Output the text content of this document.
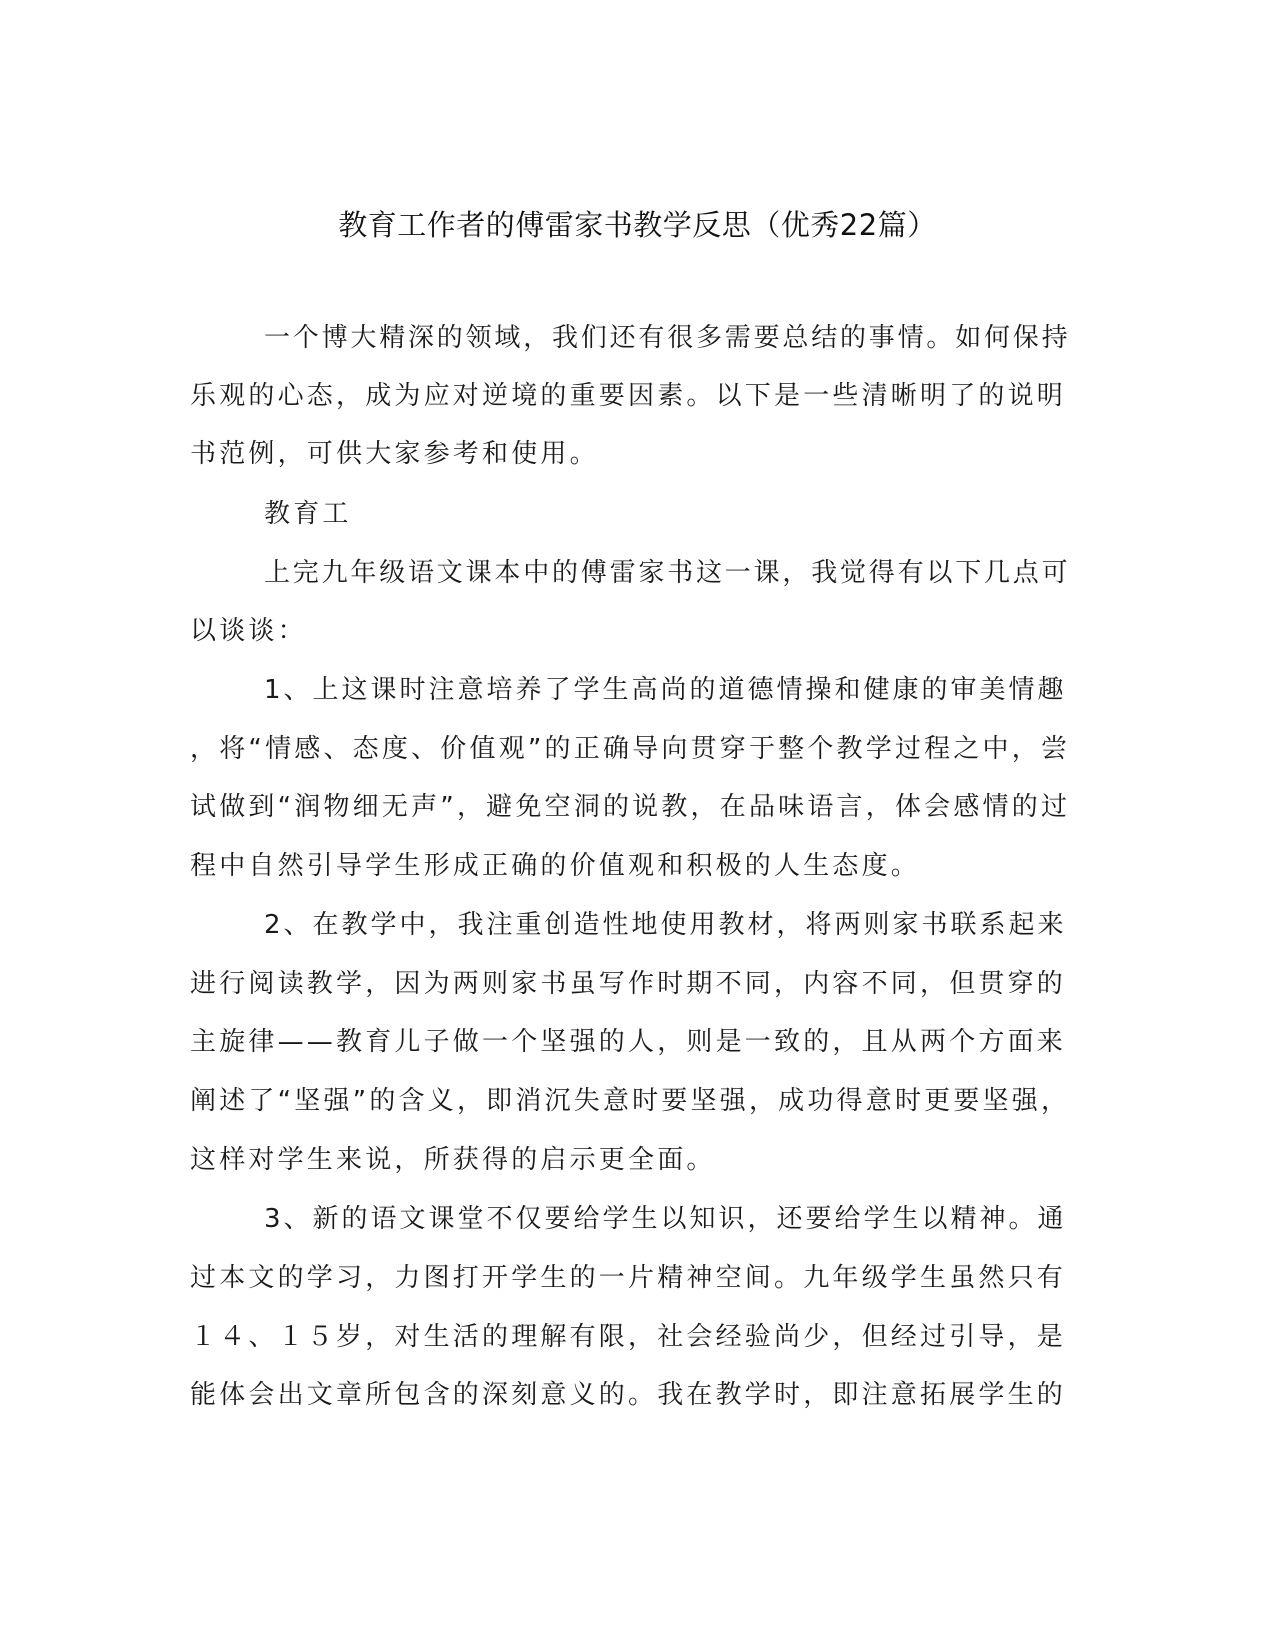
教育工作者的傅雷家书教学反思（优秀22篇）
一个博大精深的领域，我们还有很多需要总结的事情。如何保持
乐观的心态，成为应对逆境的重要因素。以下是一些清晰明了的说明
书范例，可供大家参考和使用。
教育工
上完九年级语文课本中的傅雷家书这一课，我觉得有以下几点可
以谈谈：
1、上这课时注意培养了学生高尚的道德情操和健康的审美情趣
，将“情感、态度、价值观”的正确导向贯穿于整个教学过程之中，尝
试做到“润物细无声”，避免空洞的说教，在品味语言，体会感情的过
程中自然引导学生形成正确的价值观和积极的人生态度。
2、在教学中，我注重创造性地使用教材，将两则家书联系起来
进行阅读教学，因为两则家书虽写作时期不同，内容不同，但贯穿的
主旋律——教育儿子做一个坚强的人，则是一致的，且从两个方面来
阐述了“坚强”的含义，即消沉失意时要坚强，成功得意时更要坚强，
这样对学生来说，所获得的启示更全面。
3、新的语文课堂不仅要给学生以知识，还要给学生以精神。通
过本文的学习，力图打开学生的一片精神空间。九年级学生虽然只有
１４、１５岁，对生活的理解有限，社会经验尚少，但经过引导，是
能体会出文章所包含的深刻意义的。我在教学时，即注意拓展学生的
